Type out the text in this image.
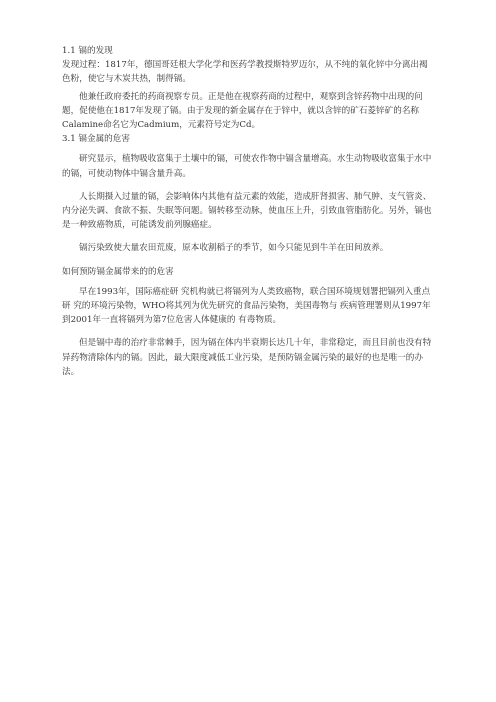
1.1 镉的发现

发现过程：1817年，德国哥廷根大学化学和医药学教授斯特罗迈尔，从不纯的氧化锌中分离出褐色粉，使它与木炭共热，制得镉。

他兼任政府委托的药商视察专员。正是他在视察药商的过程中，观察到含锌药物中出现的问题，促使他在1817年发现了镉。由于发现的新金属存在于锌中，就以含锌的矿石菱锌矿的名称Calamine命名它为Cadmium，元素符号定为Cd。

3.1 镉金属的危害

研究显示，植物吸收富集于土壤中的镉，可使农作物中镉含量增高。水生动物吸收富集于水中的镉，可使动物体中镉含量升高。

人长期摄入过量的镉，会影响体内其他有益元素的效能，造成肝肾损害、肺气肿、支气管炎、内分泌失调、食欲不振、失眠等问题。镉转移至动脉，使血压上升，引致血管脂肪化。另外，镉也是一种致癌物质，可能诱发前列腺癌症。

镉污染致使大量农田荒废，原本收割稻子的季节，如今只能见到牛羊在田间放养。

如何预防镉金属带来的的危害

早在1993年，国际癌症研 究机构就已将镉列为人类致癌物，联合国环境规划署把镉列入重点研 究的环境污染物，WHO将其列为优先研究的食品污染物，美国毒物与 疾病管理署则从1997年到2001年一直将镉列为第7位危害人体健康的 有毒物质。

但是镉中毒的治疗非常棘手，因为镉在体内半衰期长达几十年，非常稳定，而且目前也没有特异药物清除体内的镉。因此，最大限度减低工业污染，是预防镉金属污染的最好的也是唯一的办法。
